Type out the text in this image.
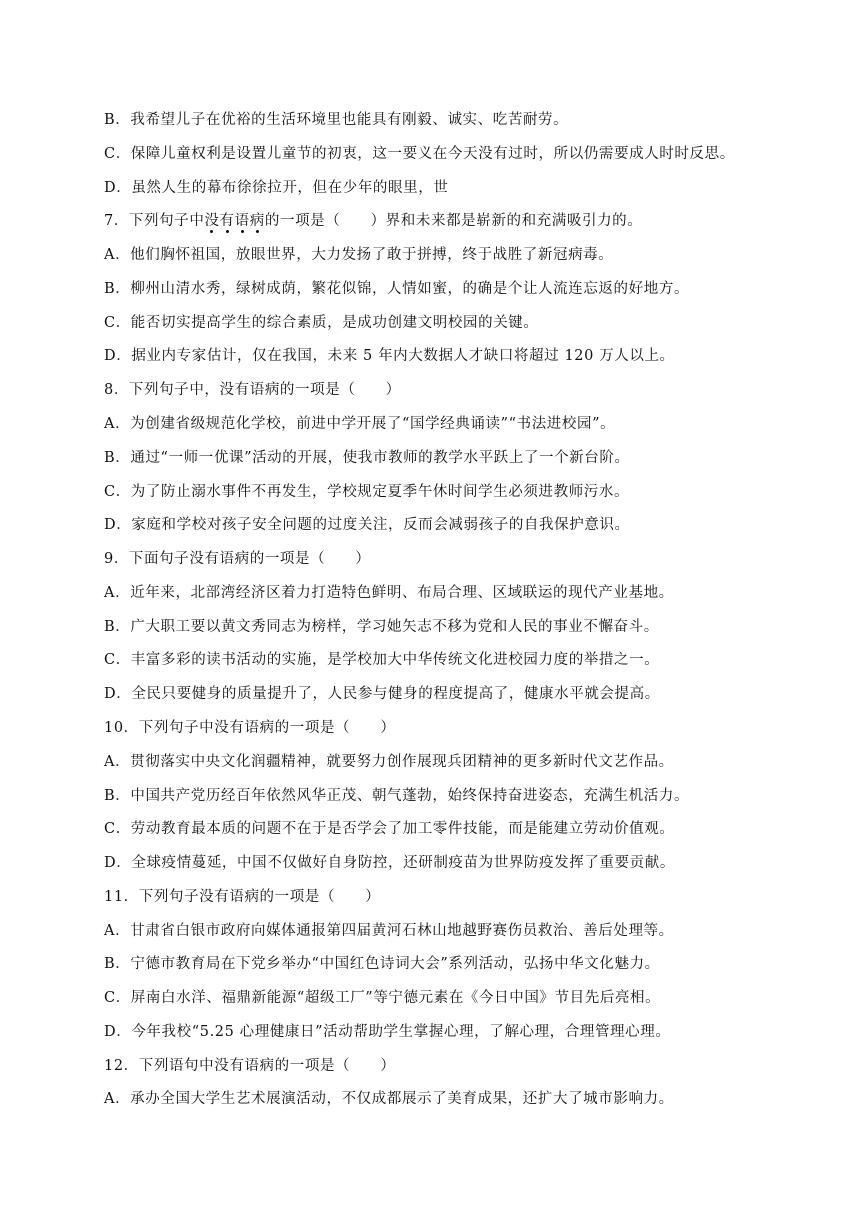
B．我希望儿子在优裕的生活环境里也能具有刚毅、诚实、吃苦耐劳。
C．保障儿童权利是设置儿童节的初衷，这一要义在今天没有过时，所以仍需要成人时时反思。
D．虽然人生的幕布徐徐拉开，但在少年的眼里，世
7．下列句子中没有语病的一项是（　　）界和未来都是崭新的和充满吸引力的。
A．他们胸怀祖国，放眼世界，大力发扬了敢于拼搏，终于战胜了新冠病毒。
B．柳州山清水秀，绿树成荫，繁花似锦，人情如蜜，的确是个让人流连忘返的好地方。
C．能否切实提高学生的综合素质，是成功创建文明校园的关键。
D．据业内专家估计，仅在我国，未来 5 年内大数据人才缺口将超过 120 万人以上。
8．下列句子中，没有语病的一项是（　　）
A．为创建省级规范化学校，前进中学开展了“国学经典诵读”“书法进校园”。
B．通过“一师一优课”活动的开展，使我市教师的教学水平跃上了一个新台阶。
C．为了防止溺水事件不再发生，学校规定夏季午休时间学生必须进教师污水。
D．家庭和学校对孩子安全问题的过度关注，反而会减弱孩子的自我保护意识。
9．下面句子没有语病的一项是（　　）
A．近年来，北部湾经济区着力打造特色鲜明、布局合理、区域联运的现代产业基地。
B．广大职工要以黄文秀同志为榜样，学习她矢志不移为党和人民的事业不懈奋斗。
C．丰富多彩的读书活动的实施，是学校加大中华传统文化进校园力度的举措之一。
D．全民只要健身的质量提升了，人民参与健身的程度提高了，健康水平就会提高。
10．下列句子中没有语病的一项是（　　）
A．贯彻落实中央文化润疆精神，就要努力创作展现兵团精神的更多新时代文艺作品。
B．中国共产党历经百年依然风华正茂、朝气蓬勃，始终保持奋进姿态，充满生机活力。
C．劳动教育最本质的问题不在于是否学会了加工零件技能，而是能建立劳动价值观。
D．全球疫情蔓延，中国不仅做好自身防控，还研制疫苗为世界防疫发挥了重要贡献。
11．下列句子没有语病的一项是（　　）
A．甘肃省白银市政府向媒体通报第四届黄河石林山地越野赛伤员救治、善后处理等。
B．宁德市教育局在下党乡举办“中国红色诗词大会”系列活动，弘扬中华文化魅力。
C．屏南白水洋、福鼎新能源“超级工厂”等宁德元素在《今日中国》节目先后亮相。
D．今年我校“5.25 心理健康日”活动帮助学生掌握心理，了解心理，合理管理心理。
12．下列语句中没有语病的一项是（　　）
A．承办全国大学生艺术展演活动，不仅成都展示了美育成果，还扩大了城市影响力。
